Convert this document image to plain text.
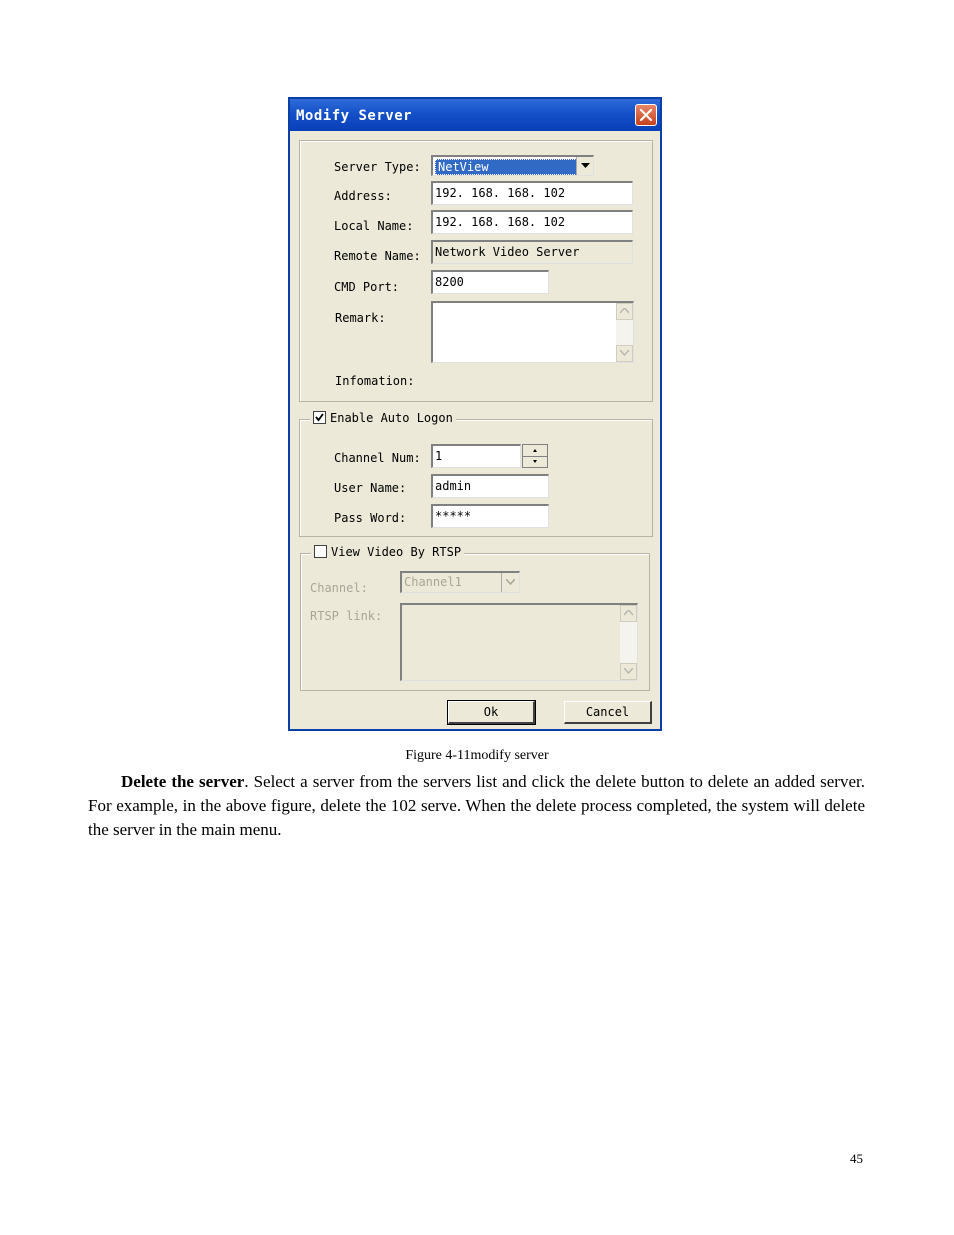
Modify Server
Server Type: NetView
Address:	192. 168. 168. 102
Local Name:	192. 168. 168. 102
Remote Name:	Network Video Server
CMD Port:	8200
Remark:
Infomation:
Enable Auto Logon
Channel Num:	1
User Name:	admin
Pass Word:	*****
View Video By RTSP
Channel:	Channel1
RTSP link:
Ok	Cancel
Figure 4-11modify server
Delete the server. Select a server from the servers list and click the delete button to delete an added server. For example, in the above figure, delete the 102 serve. When the delete process completed, the system will delete the server in the main menu.
45
